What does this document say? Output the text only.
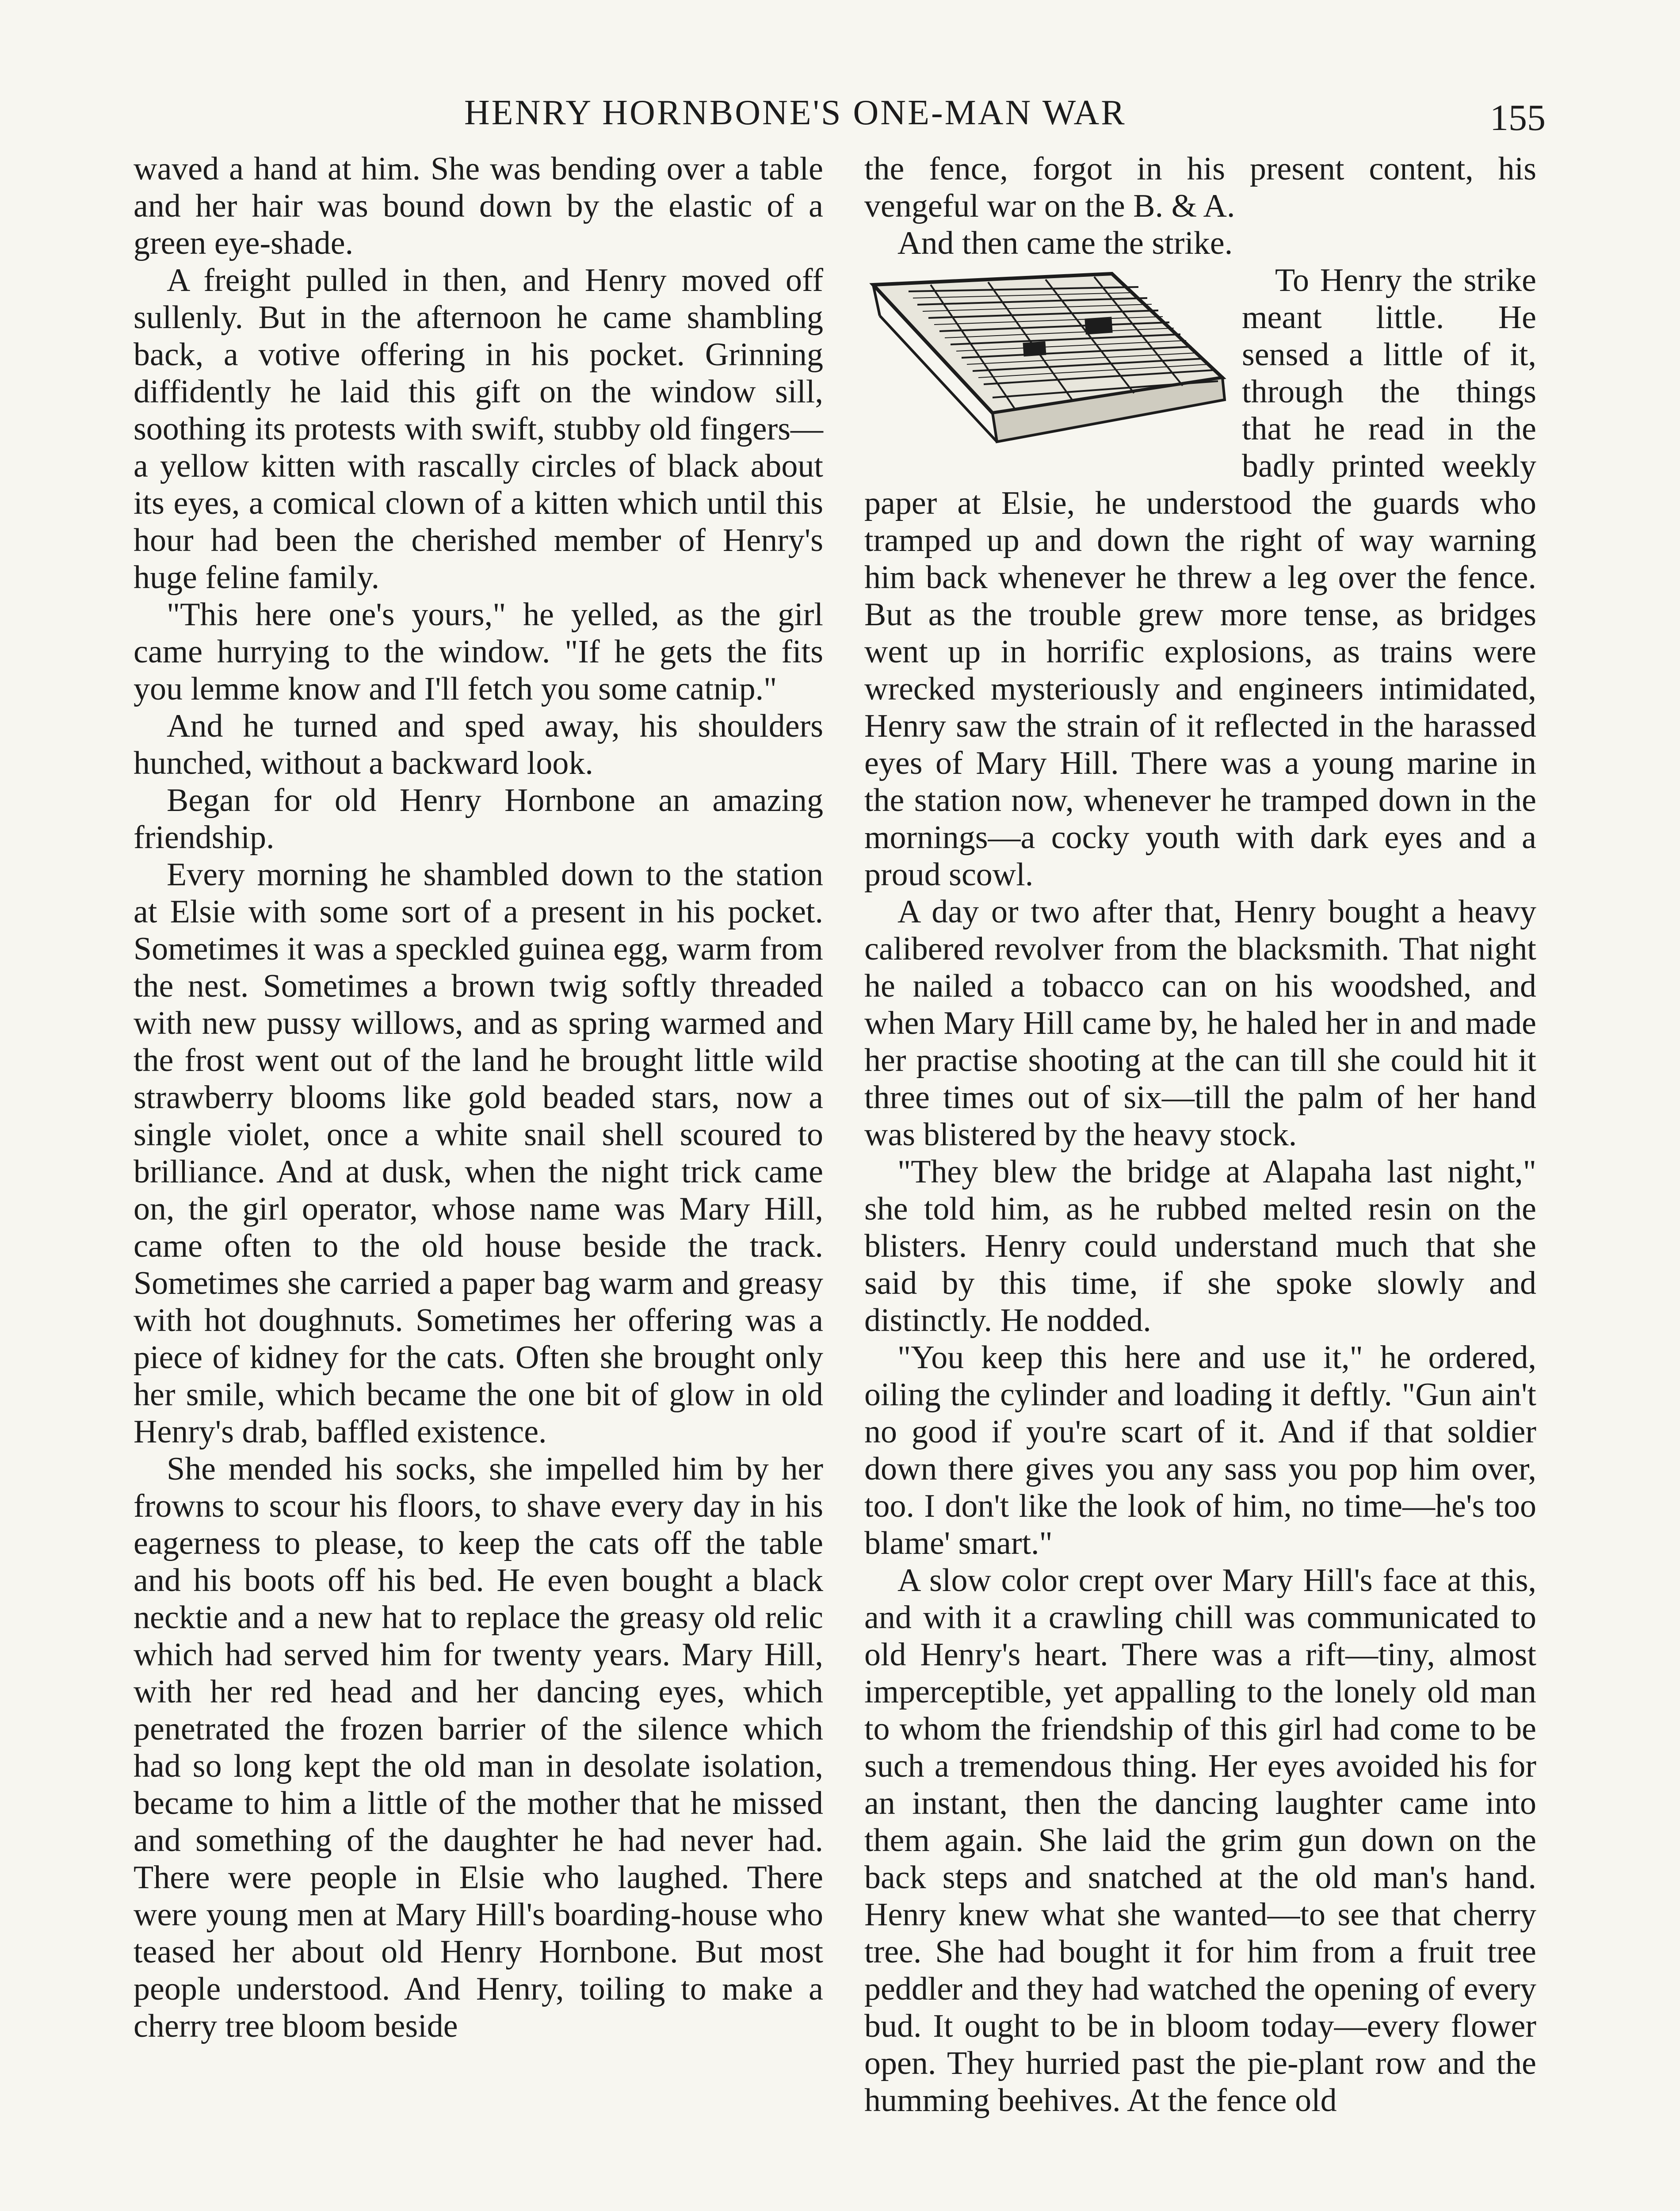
HENRY HORNBONE'S ONE-MAN WAR	155

waved a hand at him. She was bending over a table and her hair was bound down by the elastic of a green eye-shade.

A freight pulled in then, and Henry moved off sullenly. But in the afternoon he came shambling back, a votive offering in his pocket. Grinning diffidently he laid this gift on the window sill, soothing its protests with swift, stubby old fingers—a yellow kitten with rascally circles of black about its eyes, a comical clown of a kitten which until this hour had been the cherished member of Henry's huge feline family.

"This here one's yours," he yelled, as the girl came hurrying to the window. "If he gets the fits you lemme know and I'll fetch you some catnip."

And he turned and sped away, his shoulders hunched, without a backward look.

Began for old Henry Hornbone an amazing friendship.

Every morning he shambled down to the station at Elsie with some sort of a present in his pocket. Sometimes it was a speckled guinea egg, warm from the nest. Sometimes a brown twig softly threaded with new pussy willows, and as spring warmed and the frost went out of the land he brought little wild strawberry blooms like gold beaded stars, now a single violet, once a white snail shell scoured to brilliance. And at dusk, when the night trick came on, the girl operator, whose name was Mary Hill, came often to the old house beside the track. Sometimes she carried a paper bag warm and greasy with hot doughnuts. Sometimes her offering was a piece of kidney for the cats. Often she brought only her smile, which became the one bit of glow in old Henry's drab, baffled existence.

She mended his socks, she impelled him by her frowns to scour his floors, to shave every day in his eagerness to please, to keep the cats off the table and his boots off his bed. He even bought a black necktie and a new hat to replace the greasy old relic which had served him for twenty years. Mary Hill, with her red head and her dancing eyes, which penetrated the frozen barrier of the silence which had so long kept the old man in desolate isolation, became to him a little of the mother that he missed and something of the daughter he had never had. There were people in Elsie who laughed. There were young men at Mary Hill's boarding-house who teased her about old Henry Hornbone. But most people understood. And Henry, toiling to make a cherry tree bloom beside

the fence, forgot in his present content, his vengeful war on the B. & A.

And then came the strike.

To Henry the strike meant little. He sensed a little of it, through the things that he read in the badly printed weekly paper at Elsie, he understood the guards who tramped up and down the right of way warning him back whenever he threw a leg over the fence. But as the trouble grew more tense, as bridges went up in horrific explosions, as trains were wrecked mysteriously and engineers intimidated, Henry saw the strain of it reflected in the harassed eyes of Mary Hill. There was a young marine in the station now, whenever he tramped down in the mornings—a cocky youth with dark eyes and a proud scowl.

A day or two after that, Henry bought a heavy calibered revolver from the blacksmith. That night he nailed a tobacco can on his woodshed, and when Mary Hill came by, he haled her in and made her practise shooting at the can till she could hit it three times out of six—till the palm of her hand was blistered by the heavy stock.

"They blew the bridge at Alapaha last night," she told him, as he rubbed melted resin on the blisters. Henry could understand much that she said by this time, if she spoke slowly and distinctly. He nodded.

"You keep this here and use it," he ordered, oiling the cylinder and loading it deftly. "Gun ain't no good if you're scart of it. And if that soldier down there gives you any sass you pop him over, too. I don't like the look of him, no time—he's too blame' smart."

A slow color crept over Mary Hill's face at this, and with it a crawling chill was communicated to old Henry's heart. There was a rift—tiny, almost imperceptible, yet appalling to the lonely old man to whom the friendship of this girl had come to be such a tremendous thing. Her eyes avoided his for an instant, then the dancing laughter came into them again. She laid the grim gun down on the back steps and snatched at the old man's hand. Henry knew what she wanted—to see that cherry tree. She had bought it for him from a fruit tree peddler and they had watched the opening of every bud. It ought to be in bloom today—every flower open. They hurried past the pie-plant row and the humming beehives. At the fence old
